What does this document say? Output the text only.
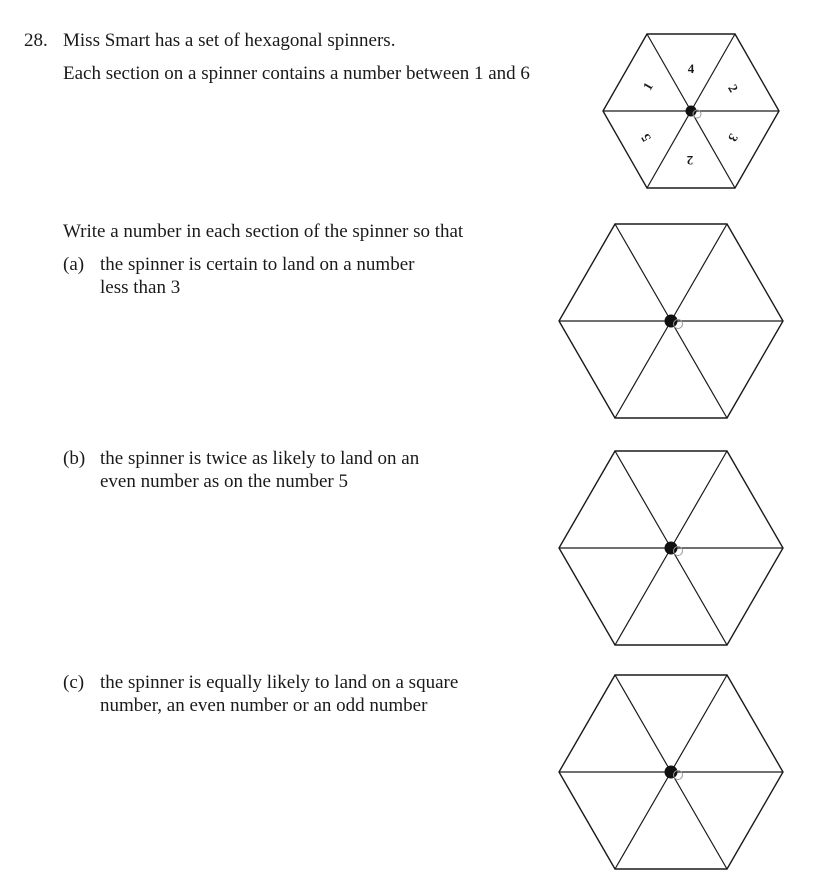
28. Miss Smart has a set of hexagonal spinners.

Each section on a spinner contains a number between 1 and 6

Write a number in each section of the spinner so that

(a) the spinner is certain to land on a number

less than 3

(b) the spinner is twice as likely to land on an

even number as on the number 5

(c) the spinner is equally likely to land on a square

number, an even number or an odd number

4
2
3
2
5
1
